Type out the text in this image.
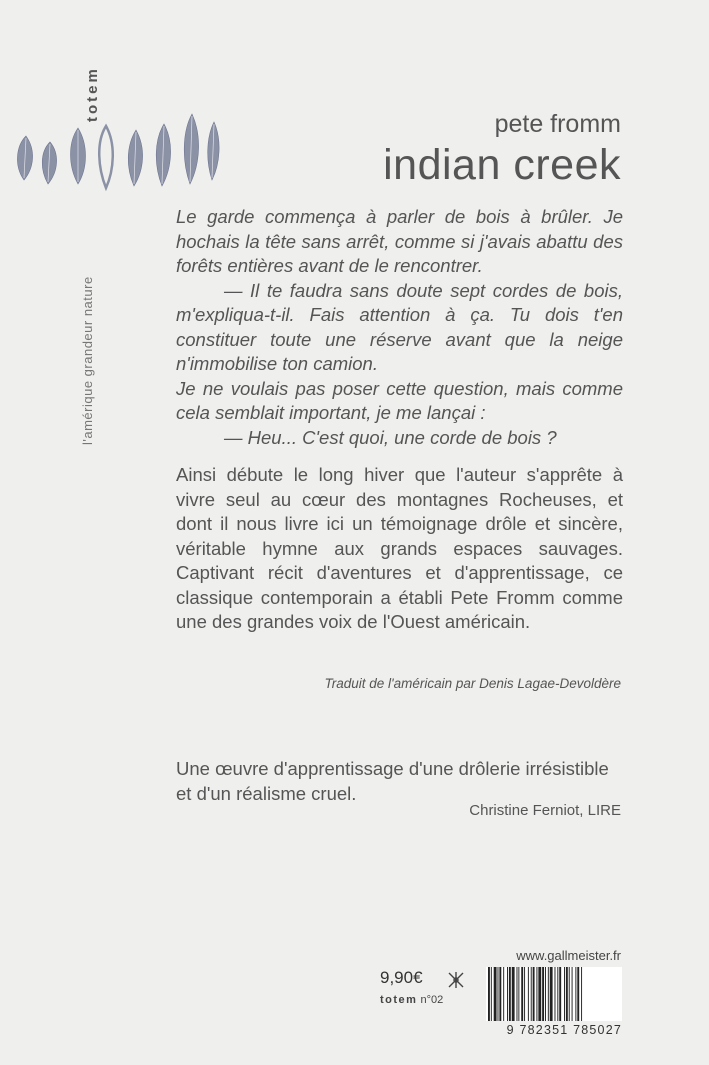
totem
l'amérique grandeur nature
pete fromm
indian creek

Le garde commença à parler de bois à brûler. Je hochais la tête sans arrêt, comme si j'avais abattu des forêts entières avant de le rencontrer.

— Il te faudra sans doute sept cordes de bois, m'expliqua-t-il. Fais attention à ça. Tu dois t'en constituer toute une réserve avant que la neige n'immobilise ton camion.

Je ne voulais pas poser cette question, mais comme cela semblait important, je me lançai :

— Heu... C'est quoi, une corde de bois ?

Ainsi débute le long hiver que l'auteur s'apprête à vivre seul au cœur des montagnes Rocheuses, et dont il nous livre ici un témoignage drôle et sincère, véritable hymne aux grands espaces sauvages. Captivant récit d'aventures et d'apprentissage, ce classique contemporain a établi Pete Fromm comme une des grandes voix de l'Ouest américain.

Traduit de l'américain par Denis Lagae-Devoldère

Une œuvre d'apprentissage d'une drôlerie irrésistible et d'un réalisme cruel.

Christine Ferniot, LIRE
www.gallmeister.fr
9,90€
totem n°02
9 782351 785027
